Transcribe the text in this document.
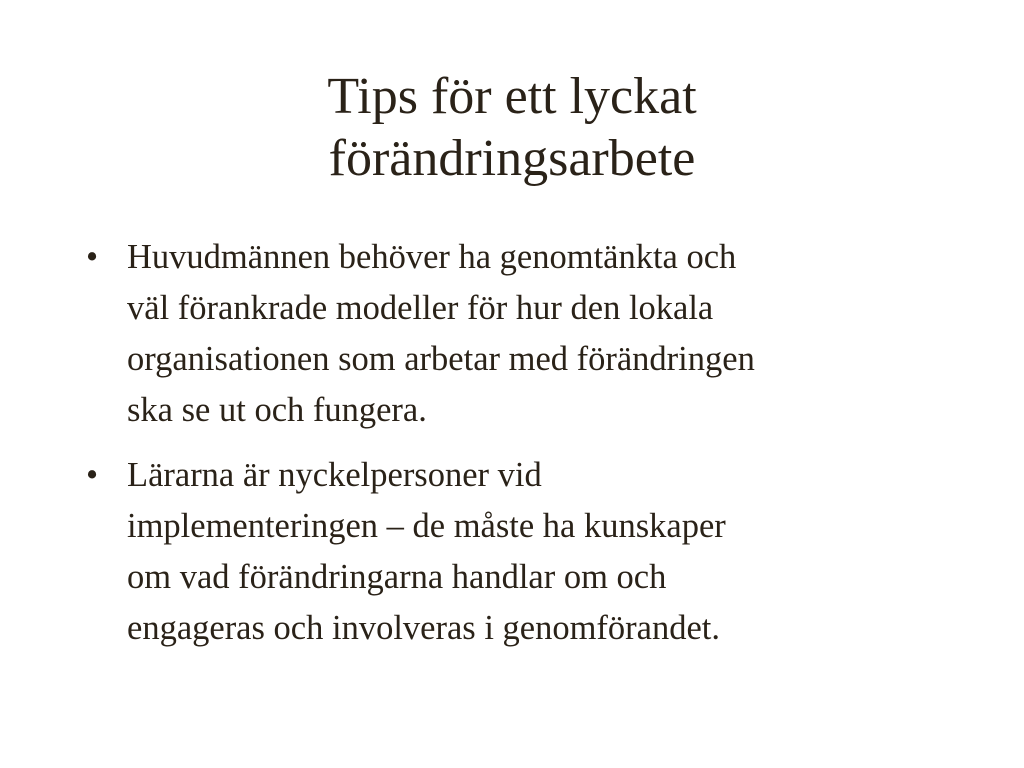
Tips för ett lyckat
förändringsarbete
• Huvudmännen behöver ha genomtänkta och
väl förankrade modeller för hur den lokala
organisationen som arbetar med förändringen
ska se ut och fungera.
• Lärarna är nyckelpersoner vid
implementeringen – de måste ha kunskaper
om vad förändringarna handlar om och
engageras och involveras i genomförandet.
